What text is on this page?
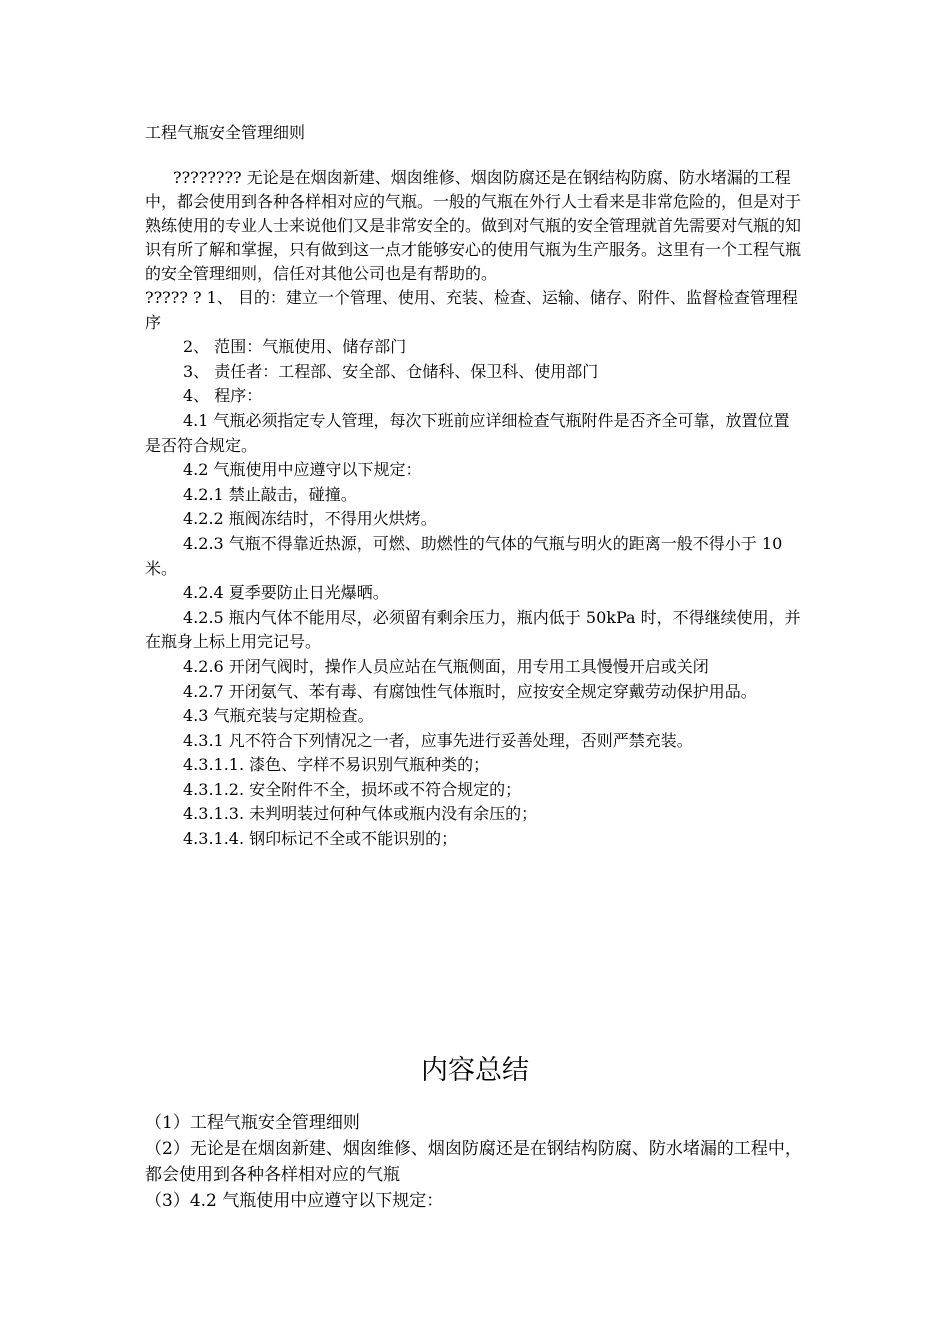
工程气瓶安全管理细则

???????? 无论是在烟囱新建、烟囱维修、烟囱防腐还是在钢结构防腐、防水堵漏的工程中，都会使用到各种各样相对应的气瓶。一般的气瓶在外行人士看来是非常危险的，但是对于熟练使用的专业人士来说他们又是非常安全的。做到对气瓶的安全管理就首先需要对气瓶的知识有所了解和掌握，只有做到这一点才能够安心的使用气瓶为生产服务。这里有一个工程气瓶的安全管理细则，信任对其他公司也是有帮助的。

????? ? 1、 目的：建立一个管理、使用、充装、检查、运输、储存、附件、监督检查管理程序

2、 范围：气瓶使用、储存部门

3、 责任者：工程部、安全部、仓储科、保卫科、使用部门

4、 程序：

4.1 气瓶必须指定专人管理，每次下班前应详细检查气瓶附件是否齐全可靠，放置位置是否符合规定。

4.2 气瓶使用中应遵守以下规定：

4.2.1 禁止敲击，碰撞。

4.2.2 瓶阀冻结时，不得用火烘烤。

4.2.3 气瓶不得靠近热源，可燃、助燃性的气体的气瓶与明火的距离一般不得小于 10 米。

4.2.4 夏季要防止日光爆晒。

4.2.5 瓶内气体不能用尽，必须留有剩余压力，瓶内低于 50kPa 时，不得继续使用，并在瓶身上标上用完记号。

4.2.6 开闭气阀时，操作人员应站在气瓶侧面，用专用工具慢慢开启或关闭

4.2.7 开闭氨气、苯有毒、有腐蚀性气体瓶时，应按安全规定穿戴劳动保护用品。

4.3 气瓶充装与定期检查。

4.3.1 凡不符合下列情况之一者，应事先进行妥善处理，否则严禁充装。

4.3.1.1. 漆色、字样不易识别气瓶种类的；

4.3.1.2. 安全附件不全，损坏或不符合规定的；

4.3.1.3. 未判明装过何种气体或瓶内没有余压的；

4.3.1.4. 钢印标记不全或不能识别的；

内容总结

（1）工程气瓶安全管理细则

（2）无论是在烟囱新建、烟囱维修、烟囱防腐还是在钢结构防腐、防水堵漏的工程中，都会使用到各种各样相对应的气瓶

（3）4.2 气瓶使用中应遵守以下规定：
